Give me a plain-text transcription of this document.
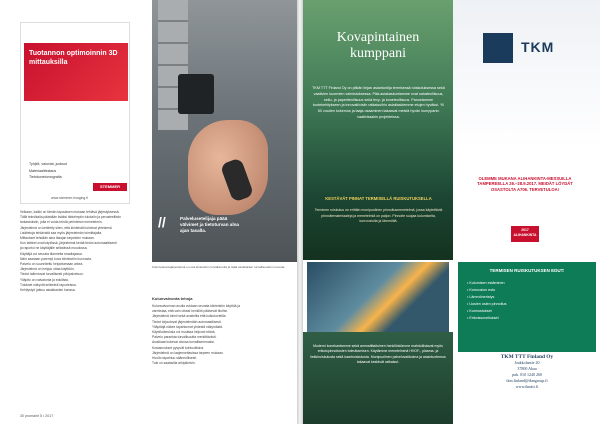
Tuotannon optimoinnin 3D mittauksilla
Tyhjiöt, valuviat, juoksut
Materiaalitestaus
Tietokonetomografia
STEMMER
www.stemmer-imaging.fi
//	Palvelusetelijaja päää välvimet ja tietoturvan alna ajan tasalla.
Kulunvalvontajärjestelmä on osa kiinteistön turvallisuutta ja lisää asukkaiden turvallisuuden tunnetta.
Velkaan, kaikki on tämän tapauksen mukaan tehtävä järjestyksessä.
Tällä tekniikalla päästään lisäksi tärkeimpiin tuloksiin ja perusteellisiin
tarkastuksiin, joita ei voida tehdä perinteisin menetelmin.
Järjestelmä on kehitetty siten, että kiinteistöt toimivat yhteisesti.
Lisätietoja tehtävistä saa myös järjestelmän toimittajalta.
Mittaukset tehdään aina tilaajan tarpeiden mukaan.
Kun laitteet ovat käytössä, järjestelmä kerää tiedot automaattisesti
ja raportoi ne käyttäjälle selkeässä muodossa.
Käyttäjä voi seurata tilannetta reaaliajassa.
Näin saadaan parempi kuva kiinteistön kunnosta.
Palvelu on suunniteltu helpottamaan arkea.
Järjestelmä on helppo ottaa käyttöön.
Tiedot tallentuvat turvallisesti pilvipalveluun.
Ylläpito on vaivatonta ja edullista.
Tulokset näkyvät selkeästi raporteissa.
Kehitystyö jatkuu asiakkaiden kanssa.
Kulunvalvonta tehoja
Kulunvalvonnan avulla voidaan seurata kiinteistön käyttöä ja
varmistaa, että vain oikeat henkilöt pääsevät tiloihin.
Järjestelmä toimii sekä avaimilla että kulkukorteilla.
Tiedot kirjautuvat järjestelmään automaattisesti.
Ylläpitäjä näkee tapahtumat yhdestä näkymästä.
Käyttöoikeuksia voi muuttaa helposti etänä.
Palvelu parantaa turvallisuutta merkittävästi.
Asukkaat kokevat olonsa turvallisemmaksi.
Kustannukset pysyvät kohtuullisina.
Järjestelmä on laajennettavissa tarpeen mukaan.
Huolto tapahtuu säännöllisesti.
Tuki on saatavilla arkipäivisin.
30 promaint 5 • 2017
Kovapintainen kumppani
TKM TTT Finland Oy on pitkän linjan asiantuntija termisessä ruiskutuksessa sekä vaativien kuormien valmistuksessa. Pää-asiakaskuntamme ovat sahateollisuus, sellu- ja paperiteollisuus sekä levy- ja koneteollisuus. Panostamme tuotekehitykseen ja innovatiivisiin ratkaisuihin asiakkaidemme etujen hyväksi. Yli 50 vuoden kokemus ja laaja osaaminen takaavat meistä hyvän kumppanin vaativissakin projekteissa.
KESTÄVÄT PINNAT TERMISELLÄ RUISKUTUKSELLA
Terminen ruiskutus on erittäin monipuolinen pinnoitusmenetelmä, jossa käytettäviä pinnoitemateriaaleja ja menetelmiä on paljon. Pinnoite suojaa kulumiselta, korroosiolta ja lämmöltä.
Moderni konekantamme sekä ammattitaitoinen henkilöstömme mahdollistavat myös erikoispinnoitusten toteuttamisen. Käytämme menetelminä HVOF-, plasma- ja liekkiruiskutusta sekä kaariruiskutusta. Monipuolinen palveluvalikoima ja asiantuntemus takaavat kestävät ratkaisut.
TKM
OLEMME MUKANA ALIHANKINTA-MESSUILLA TAMPEREELLA 26.–28.9.2017. MEIDÄT LÖYDÄT OSASTOLTA A706. TERVETULOA!
2017 ALIHANKINTA
TERMISEN RUISKUTUKSEN EDUT:
• Kulumisen estäminen
• Korroosion esto
• Lämmöneristys
• Uusien osien pinnoitus
• Kunnostukset
• Erikoissovellukset
TKM TTT Finland Oy
Jaakkolantie 20
37800 Akaa
puh. 010 1240 260
tkm.finland@tkmgroup.fi
www.tkmttt.fi
